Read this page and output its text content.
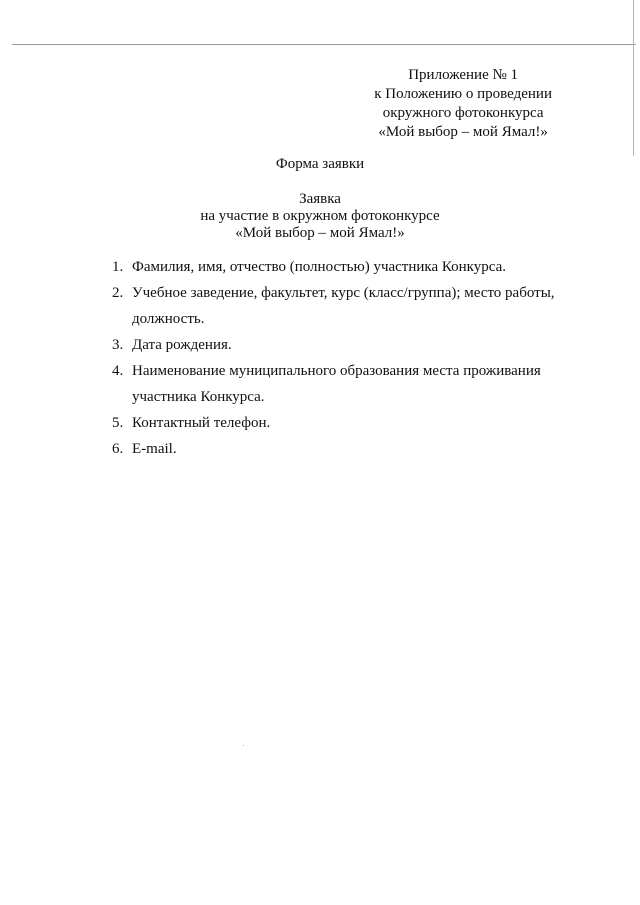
Приложение № 1
к Положению о проведении
окружного фотоконкурса
«Мой выбор – мой Ямал!»
Форма заявки
Заявка
на участие в окружном фотоконкурсе
«Мой выбор – мой Ямал!»
1. Фамилия, имя, отчество (полностью) участника Конкурса.
2. Учебное заведение, факультет, курс (класс/группа); место работы, должность.
3. Дата рождения.
4. Наименование муниципального образования места проживания участника Конкурса.
5. Контактный телефон.
6. E-mail.
